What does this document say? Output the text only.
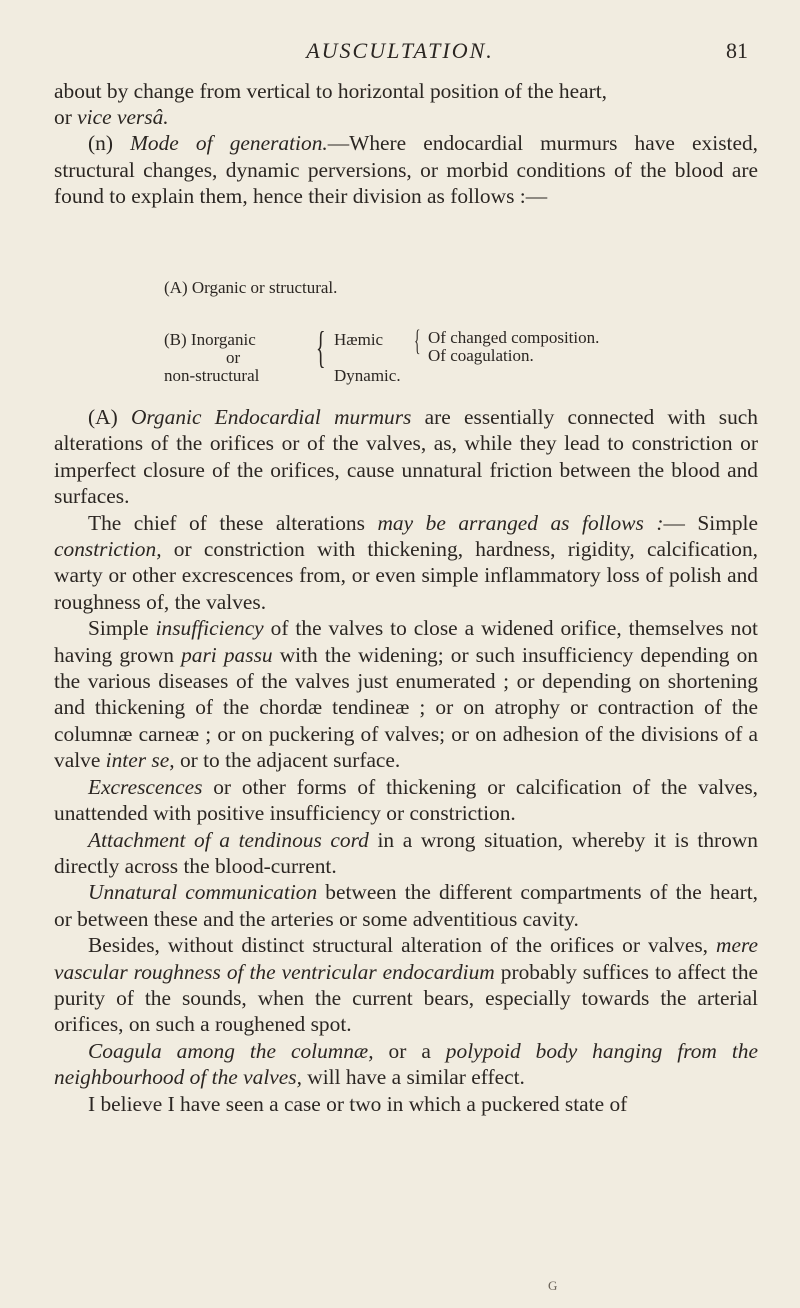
AUSCULTATION.	81

about by change from vertical to horizontal position of the heart,

or vice versâ.

(n) Mode of generation.—Where endocardial murmurs have existed, structural changes, dynamic perversions, or morbid conditions of the blood are found to explain them, hence their division as follows :—

(A) Organic or structural.
(B) Inorganic
or
non-structural
{ Hæmic
Dynamic.
{ Of changed composition.
Of coagulation.

(A) Organic Endocardial murmurs are essentially connected with such alterations of the orifices or of the valves, as, while they lead to constriction or imperfect closure of the orifices, cause unnatural friction between the blood and surfaces.

The chief of these alterations may be arranged as follows :— Simple constriction, or constriction with thickening, hardness, rigidity, calcification, warty or other excrescences from, or even simple inflammatory loss of polish and roughness of, the valves.

Simple insufficiency of the valves to close a widened orifice, themselves not having grown pari passu with the widening; or such insufficiency depending on the various diseases of the valves just enumerated ; or depending on shortening and thickening of the chordæ tendineæ ; or on atrophy or contraction of the columnæ carneæ ; or on puckering of valves; or on adhesion of the divisions of a valve inter se, or to the adjacent surface.

Excrescences or other forms of thickening or calcification of the valves, unattended with positive insufficiency or constriction.

Attachment of a tendinous cord in a wrong situation, whereby it is thrown directly across the blood-current.

Unnatural communication between the different compartments of the heart, or between these and the arteries or some adventitious cavity.

Besides, without distinct structural alteration of the orifices or valves, mere vascular roughness of the ventricular endocardium probably suffices to affect the purity of the sounds, when the current bears, especially towards the arterial orifices, on such a roughened spot.

Coagula among the columnæ, or a polypoid body hanging from the neighbourhood of the valves, will have a similar effect.

I believe I have seen a case or two in which a puckered state of

G
